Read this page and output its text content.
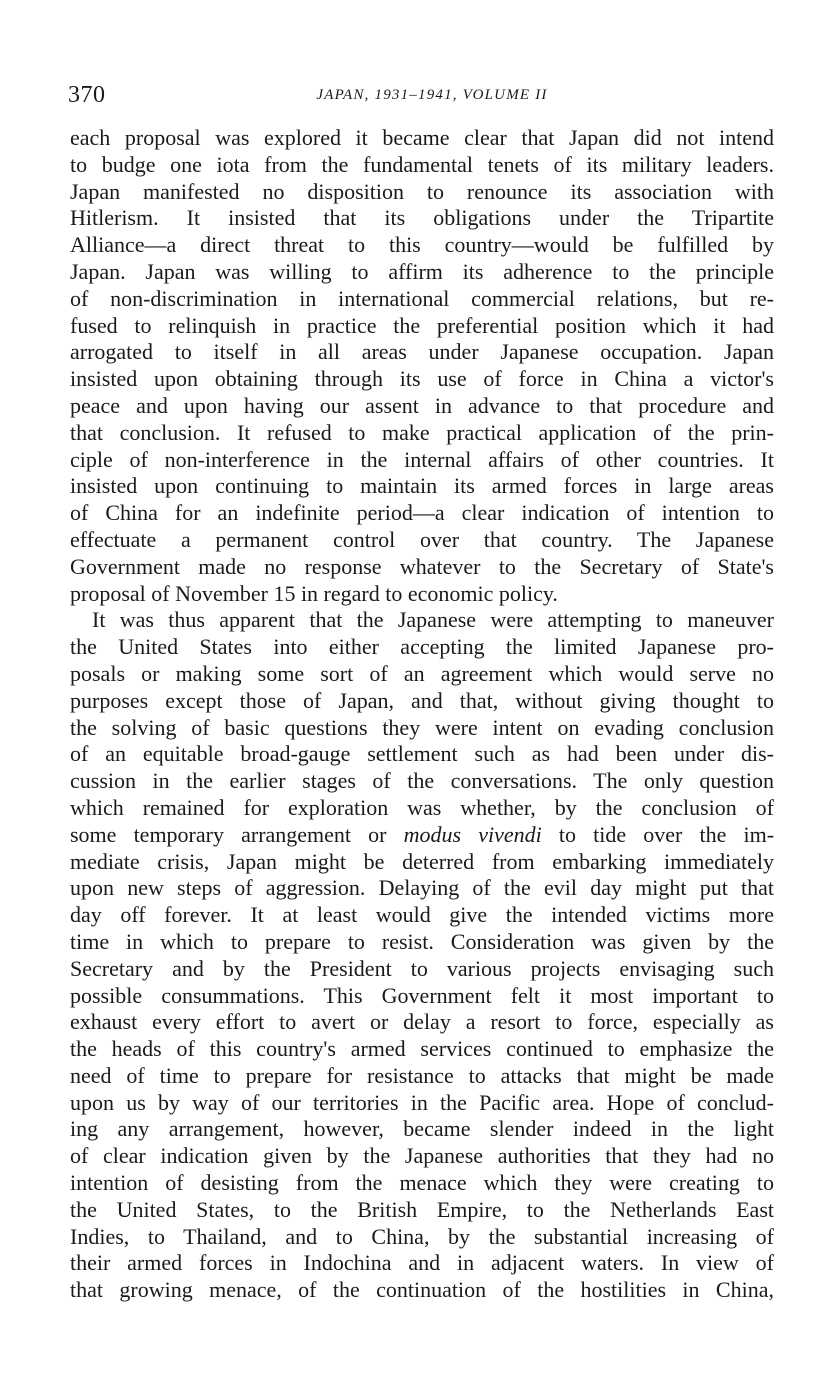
370	JAPAN, 1931–1941, VOLUME II
each proposal was explored it became clear that Japan did not intend
to budge one iota from the fundamental tenets of its military leaders.
Japan manifested no disposition to renounce its association with
Hitlerism. It insisted that its obligations under the Tripartite
Alliance—a direct threat to this country—would be fulfilled by
Japan. Japan was willing to affirm its adherence to the principle
of non-discrimination in international commercial relations, but re-
fused to relinquish in practice the preferential position which it had
arrogated to itself in all areas under Japanese occupation. Japan
insisted upon obtaining through its use of force in China a victor's
peace and upon having our assent in advance to that procedure and
that conclusion. It refused to make practical application of the prin-
ciple of non-interference in the internal affairs of other countries. It
insisted upon continuing to maintain its armed forces in large areas
of China for an indefinite period—a clear indication of intention to
effectuate a permanent control over that country. The Japanese
Government made no response whatever to the Secretary of State's
proposal of November 15 in regard to economic policy.
It was thus apparent that the Japanese were attempting to maneuver
the United States into either accepting the limited Japanese pro-
posals or making some sort of an agreement which would serve no
purposes except those of Japan, and that, without giving thought to
the solving of basic questions they were intent on evading conclusion
of an equitable broad-gauge settlement such as had been under dis-
cussion in the earlier stages of the conversations. The only question
which remained for exploration was whether, by the conclusion of
some temporary arrangement or modus vivendi to tide over the im-
mediate crisis, Japan might be deterred from embarking immediately
upon new steps of aggression. Delaying of the evil day might put that
day off forever. It at least would give the intended victims more
time in which to prepare to resist. Consideration was given by the
Secretary and by the President to various projects envisaging such
possible consummations. This Government felt it most important to
exhaust every effort to avert or delay a resort to force, especially as
the heads of this country's armed services continued to emphasize the
need of time to prepare for resistance to attacks that might be made
upon us by way of our territories in the Pacific area. Hope of conclud-
ing any arrangement, however, became slender indeed in the light
of clear indication given by the Japanese authorities that they had no
intention of desisting from the menace which they were creating to
the United States, to the British Empire, to the Netherlands East
Indies, to Thailand, and to China, by the substantial increasing of
their armed forces in Indochina and in adjacent waters. In view of
that growing menace, of the continuation of the hostilities in China,
